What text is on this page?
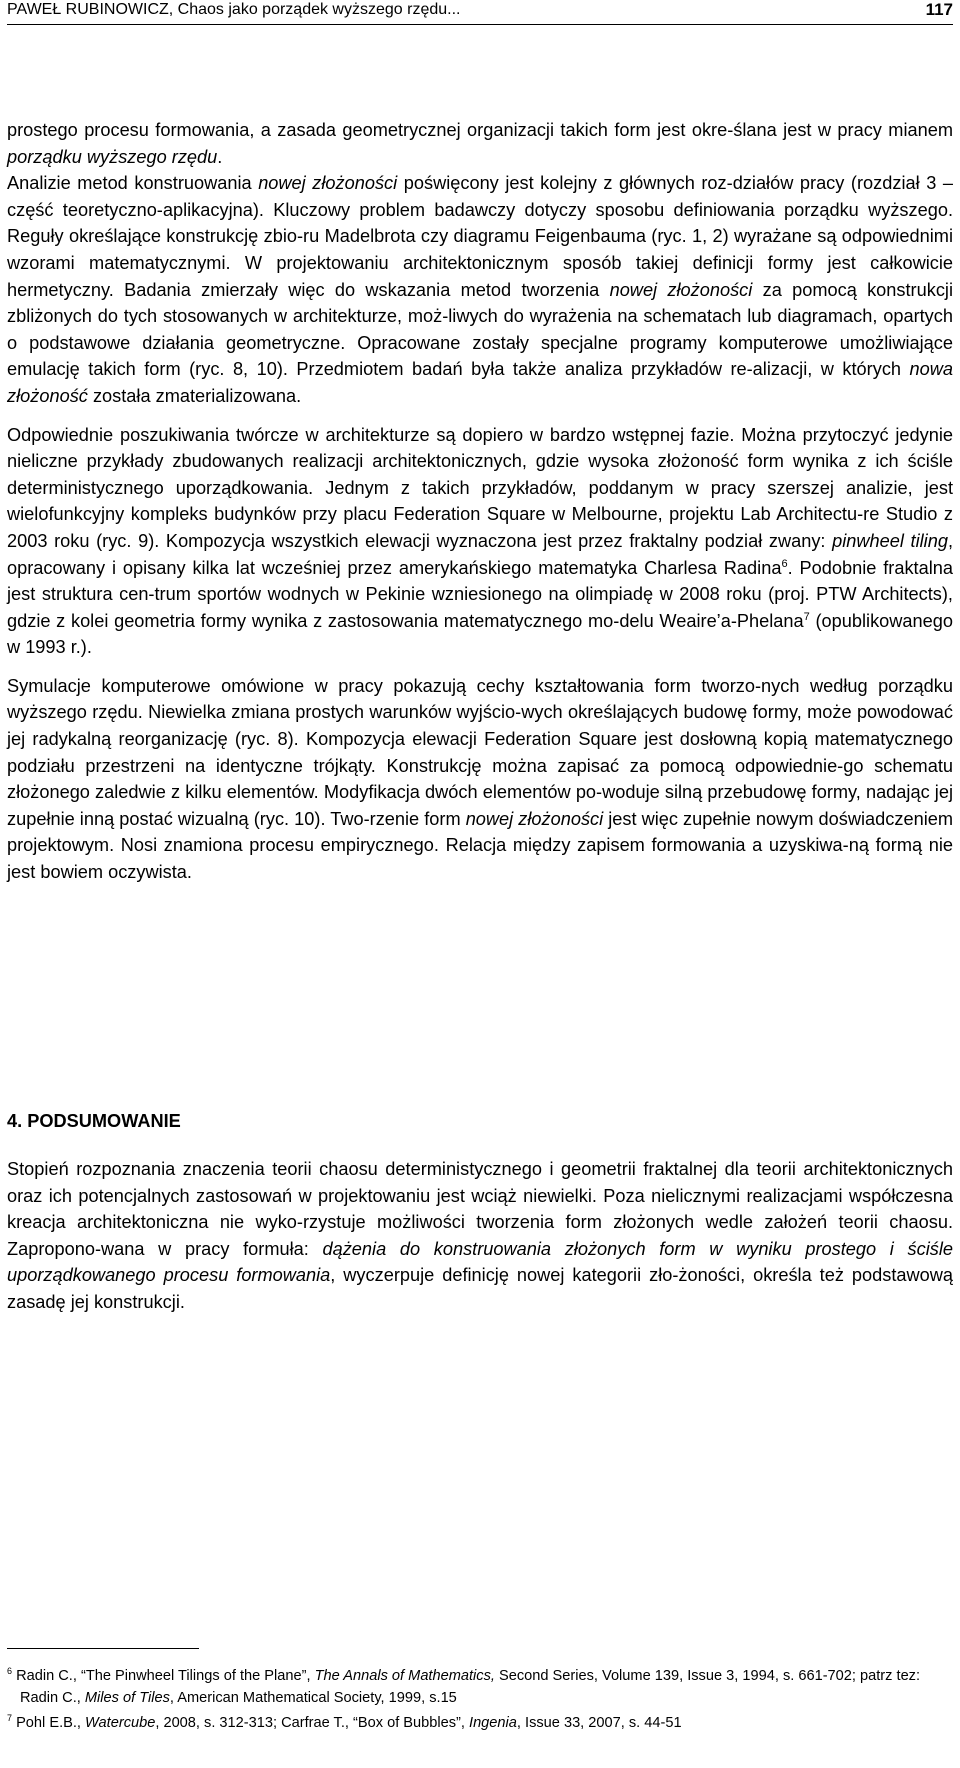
PAWEŁ RUBINOWICZ, Chaos jako porządek wyższego rzędu...	117

prostego procesu formowania, a zasada geometrycznej organizacji takich form jest okre-ślana jest w pracy mianem porządku wyższego rzędu.

Analizie metod konstruowania nowej złożoności poświęcony jest kolejny z głównych roz-działów pracy (rozdział 3 – część teoretyczno-aplikacyjna). Kluczowy problem badawczy dotyczy sposobu definiowania porządku wyższego. Reguły określające konstrukcję zbio-ru Madelbrota czy diagramu Feigenbauma (ryc. 1, 2) wyrażane są odpowiednimi wzorami matematycznymi. W projektowaniu architektonicznym sposób takiej definicji formy jest całkowicie hermetyczny. Badania zmierzały więc do wskazania metod tworzenia nowej złożoności za pomocą konstrukcji zbliżonych do tych stosowanych w architekturze, moż-liwych do wyrażenia na schematach lub diagramach, opartych o podstawowe działania geometryczne. Opracowane zostały specjalne programy komputerowe umożliwiające emulację takich form (ryc. 8, 10). Przedmiotem badań była także analiza przykładów re-alizacji, w których nowa złożoność została zmaterializowana.

Odpowiednie poszukiwania twórcze w architekturze są dopiero w bardzo wstępnej fazie. Można przytoczyć jedynie nieliczne przykłady zbudowanych realizacji architektonicznych, gdzie wysoka złożoność form wynika z ich ściśle deterministycznego uporządkowania. Jednym z takich przykładów, poddanym w pracy szerszej analizie, jest wielofunkcyjny kompleks budynków przy placu Federation Square w Melbourne, projektu Lab Architectu-re Studio z 2003 roku (ryc. 9). Kompozycja wszystkich elewacji wyznaczona jest przez fraktalny podział zwany: pinwheel tiling, opracowany i opisany kilka lat wcześniej przez amerykańskiego matematyka Charlesa Radina$^6$. Podobnie fraktalna jest struktura cen-trum sportów wodnych w Pekinie wzniesionego na olimpiadę w 2008 roku (proj. PTW Architects), gdzie z kolei geometria formy wynika z zastosowania matematycznego mo-delu Weaire’a-Phelana$^7$ (opublikowanego w 1993 r.).

Symulacje komputerowe omówione w pracy pokazują cechy kształtowania form tworzo-nych według porządku wyższego rzędu. Niewielka zmiana prostych warunków wyjścio-wych określających budowę formy, może powodować jej radykalną reorganizację (ryc. 8). Kompozycja elewacji Federation Square jest dosłowną kopią matematycznego podziału przestrzeni na identyczne trójkąty. Konstrukcję można zapisać za pomocą odpowiednie-go schematu złożonego zaledwie z kilku elementów. Modyfikacja dwóch elementów po-woduje silną przebudowę formy, nadając jej zupełnie inną postać wizualną (ryc. 10). Two-rzenie form nowej złożoności jest więc zupełnie nowym doświadczeniem projektowym. Nosi znamiona procesu empirycznego. Relacja między zapisem formowania a uzyskiwa-ną formą nie jest bowiem oczywista.

4. PODSUMOWANIE

Stopień rozpoznania znaczenia teorii chaosu deterministycznego i geometrii fraktalnej dla teorii architektonicznych oraz ich potencjalnych zastosowań w projektowaniu jest wciąż niewielki. Poza nielicznymi realizacjami współczesna kreacja architektoniczna nie wyko-rzystuje możliwości tworzenia form złożonych wedle założeń teorii chaosu. Zapropono-wana w pracy formuła: dążenia do konstruowania złożonych form w wyniku prostego i ściśle uporządkowanego procesu formowania, wyczerpuje definicję nowej kategorii zło-żoności, określa też podstawową zasadę jej konstrukcji.

$^6$ Radin C., “The Pinwheel Tilings of the Plane”, The Annals of Mathematics, Second Series, Volume 139, Issue 3, 1994, s. 661-702; patrz tez: Radin C., Miles of Tiles, American Mathematical Society, 1999, s.15

$^7$ Pohl E.B., Watercube, 2008, s. 312-313; Carfrae T., “Box of Bubbles”, Ingenia, Issue 33, 2007, s. 44-51
